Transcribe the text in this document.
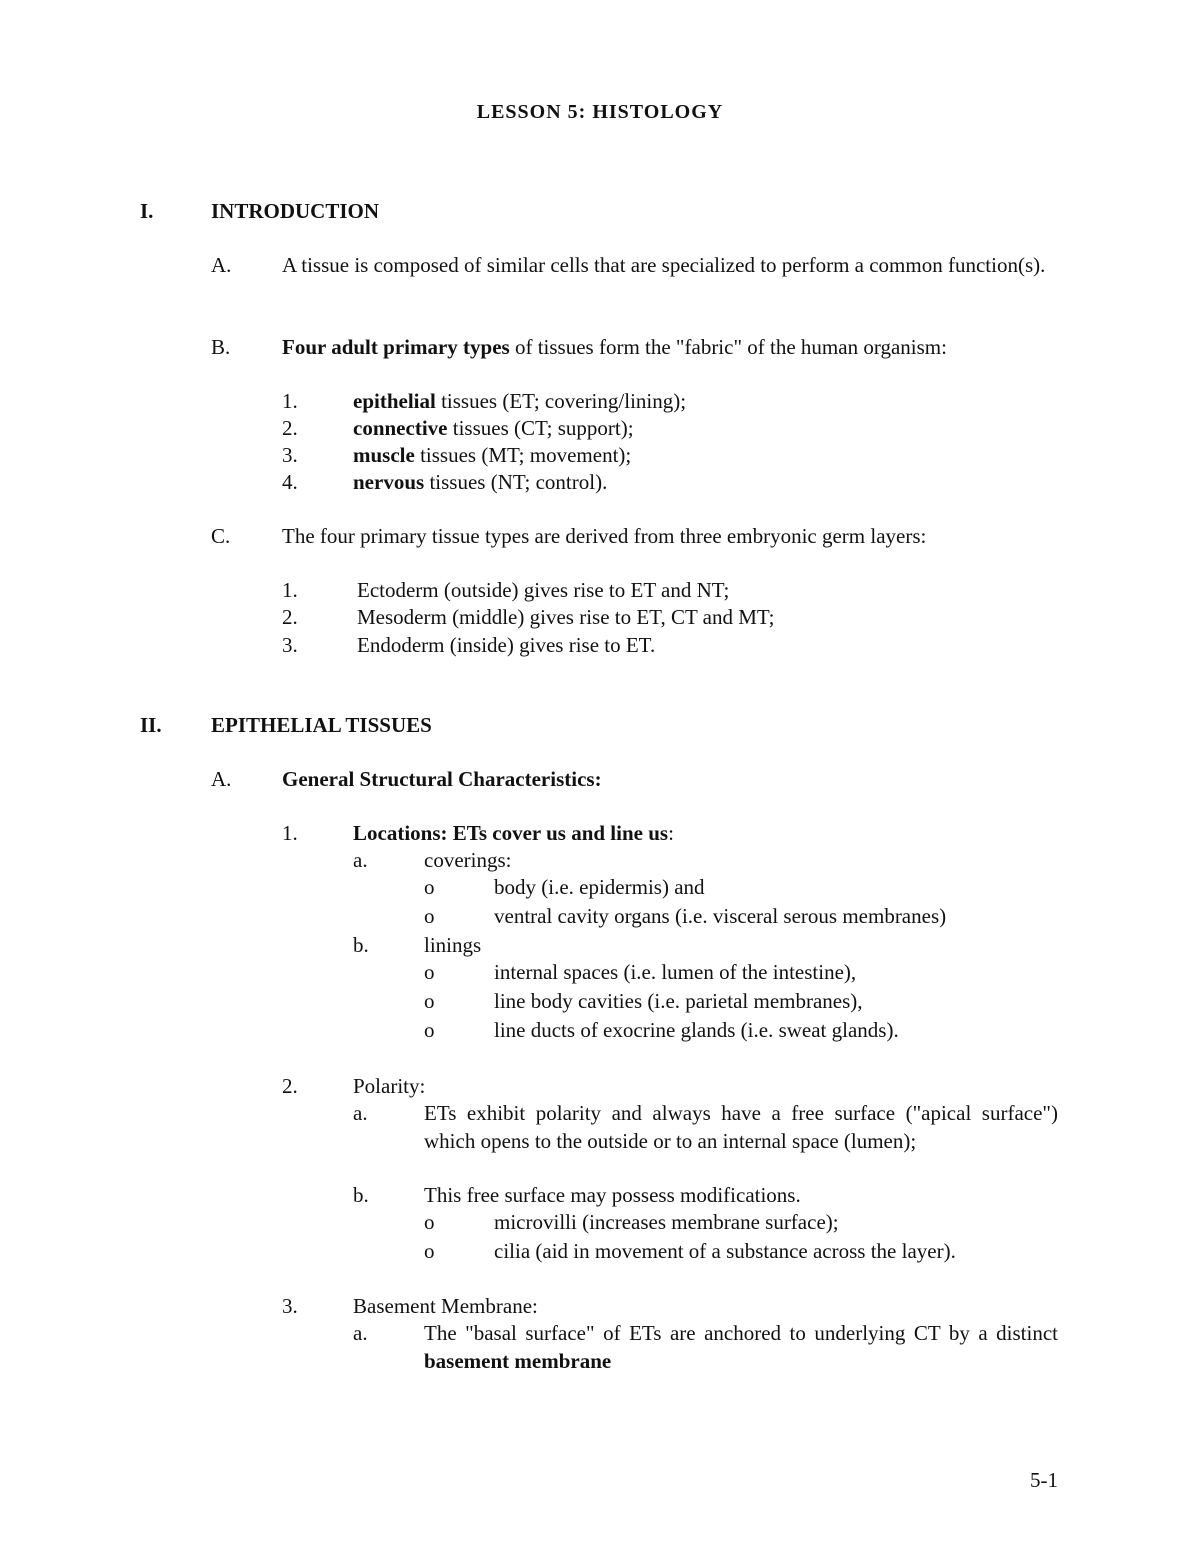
LESSON 5: HISTOLOGY
I.	INTRODUCTION
A. A tissue is composed of similar cells that are specialized to perform a common function(s).
B. Four adult primary types of tissues form the "fabric" of the human organism:
1.	epithelial tissues (ET; covering/lining);
2.	connective tissues (CT; support);
3.	muscle tissues (MT; movement);
4.	nervous tissues (NT; control).
C. The four primary tissue types are derived from three embryonic germ layers:
1.	Ectoderm (outside) gives rise to ET and NT;
2.	Mesoderm (middle) gives rise to ET, CT and MT;
3.	Endoderm (inside) gives rise to ET.
II. EPITHELIAL TISSUES
A. General Structural Characteristics:
1.	Locations: ETs cover us and line us:
a.	coverings:
o	body (i.e. epidermis) and
o	ventral cavity organs (i.e. visceral serous membranes)
b.	linings
o	internal spaces (i.e. lumen of the intestine),
o	line body cavities (i.e. parietal membranes),
o	line ducts of exocrine glands (i.e. sweat glands).
2.	Polarity:
a.	ETs exhibit polarity and always have a free surface ("apical surface") which opens to the outside or to an internal space (lumen);
b.	This free surface may possess modifications.
o	microvilli (increases membrane surface);
o	cilia (aid in movement of a substance across the layer).
3.	Basement Membrane:
a.	The "basal surface" of ETs are anchored to underlying CT by a distinct basement membrane
5-1
